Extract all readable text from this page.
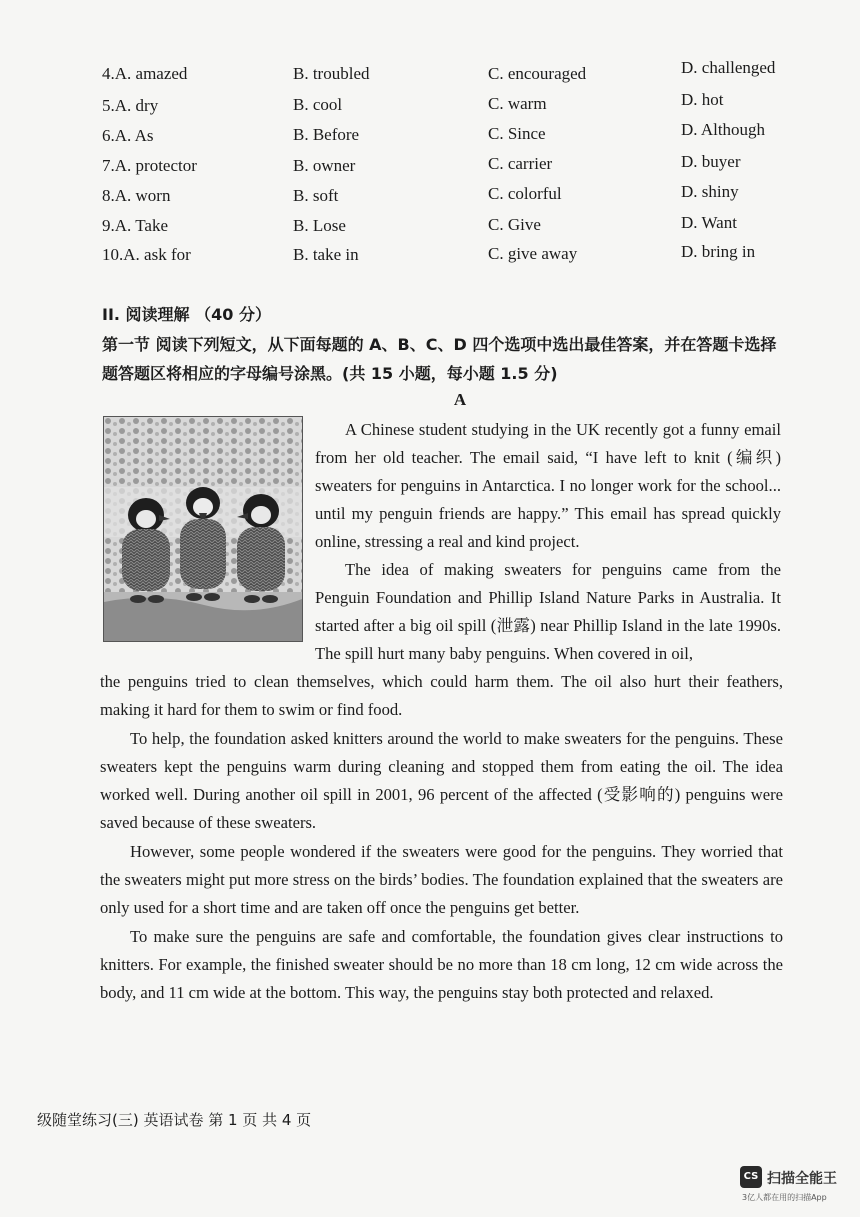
4.A. amazed	B. troubled	C. encouraged	D. challenged
5.A. dry	B. cool	C. warm	D. hot
6.A. As	B. Before	C. Since	D. Although
7.A. protector	B. owner	C. carrier	D. buyer
8.A. worn	B. soft	C. colorful	D. shiny
9.A. Take	B. Lose	C. Give	D. Want
10.A. ask for	B. take in	C. give away	D. bring in
II. 阅读理解 （40 分）
第一节 阅读下列短文，从下面每题的 A、B、C、D 四个选项中选出最佳答案，并在答题卡选择题答题区将相应的字母编号涂黑。(共 15 小题，每小题 1.5 分)
A
A Chinese student studying in the UK recently got a funny email from her old teacher. The email said, “I have left to knit (编织) sweaters for penguins in Antarctica. I no longer work for the school... until my penguin friends are happy.” This email has spread quickly online, stressing a real and kind project.
The idea of making sweaters for penguins came from the Penguin Foundation and Phillip Island Nature Parks in Australia. It started after a big oil spill (泄露) near Phillip Island in the late 1990s. The spill hurt many baby penguins. When covered in oil,
the penguins tried to clean themselves, which could harm them. The oil also hurt their feathers, making it hard for them to swim or find food.
To help, the foundation asked knitters around the world to make sweaters for the penguins. These sweaters kept the penguins warm during cleaning and stopped them from eating the oil. The idea worked well. During another oil spill in 2001, 96 percent of the affected (受影响的) penguins were saved because of these sweaters.
However, some people wondered if the sweaters were good for the penguins. They worried that the sweaters might put more stress on the birds’ bodies. The foundation explained that the sweaters are only used for a short time and are taken off once the penguins get better.
To make sure the penguins are safe and comfortable, the foundation gives clear instructions to knitters. For example, the finished sweater should be no more than 18 cm long, 12 cm wide across the body, and 11 cm wide at the bottom. This way, the penguins stay both protected and relaxed.
级随堂练习(三) 英语试卷 第 1 页 共 4 页
CS 扫描全能王
3亿人都在用的扫描App
